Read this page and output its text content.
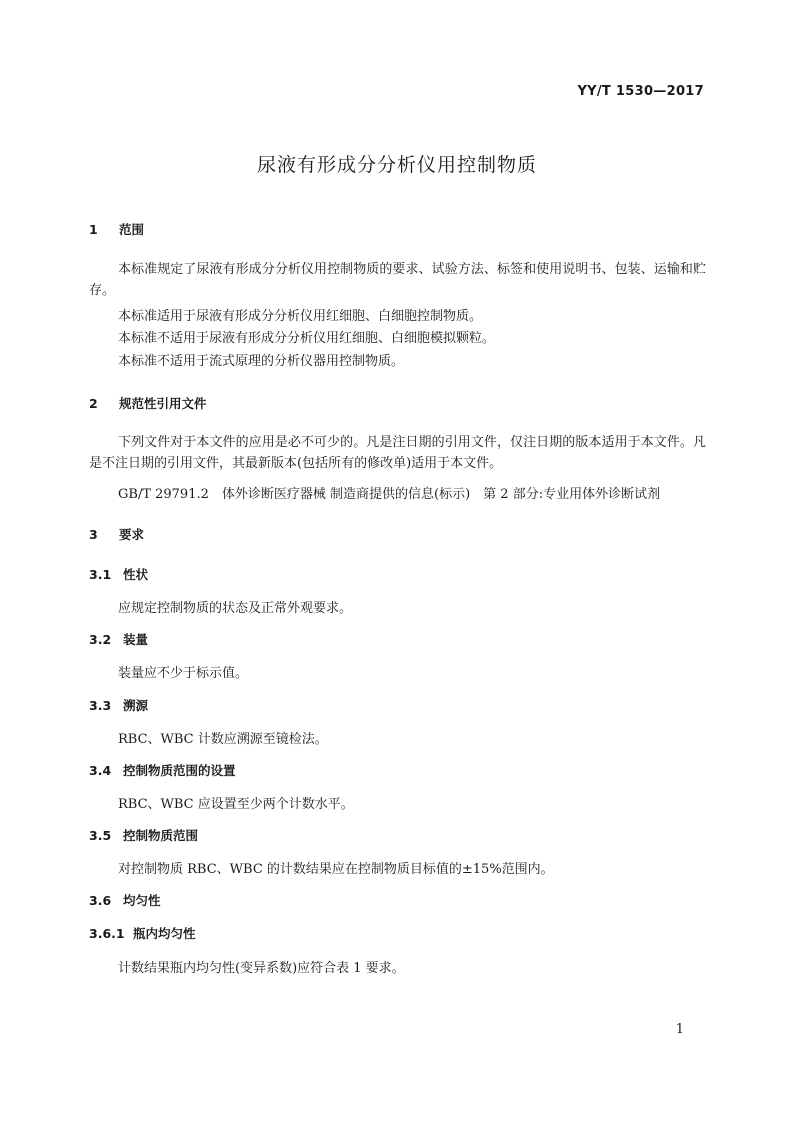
YY/T 1530—2017
尿液有形成分分析仪用控制物质
1 范围
本标准规定了尿液有形成分分析仪用控制物质的要求、试验方法、标签和使用说明书、包装、运输和贮存。
本标准适用于尿液有形成分分析仪用红细胞、白细胞控制物质。
本标准不适用于尿液有形成分分析仪用红细胞、白细胞模拟颗粒。
本标准不适用于流式原理的分析仪器用控制物质。
2 规范性引用文件
下列文件对于本文件的应用是必不可少的。凡是注日期的引用文件，仅注日期的版本适用于本文件。凡是不注日期的引用文件，其最新版本(包括所有的修改单)适用于本文件。
GB/T 29791.2　体外诊断医疗器械 制造商提供的信息(标示)　第 2 部分:专业用体外诊断试剂
3 要求
3.1 性状
应规定控制物质的状态及正常外观要求。
3.2 装量
装量应不少于标示值。
3.3 溯源
RBC、WBC 计数应溯源至镜检法。
3.4 控制物质范围的设置
RBC、WBC 应设置至少两个计数水平。
3.5 控制物质范围
对控制物质 RBC、WBC 的计数结果应在控制物质目标值的±15%范围内。
3.6 均匀性
3.6.1 瓶内均匀性
计数结果瓶内均匀性(变异系数)应符合表 1 要求。
1
